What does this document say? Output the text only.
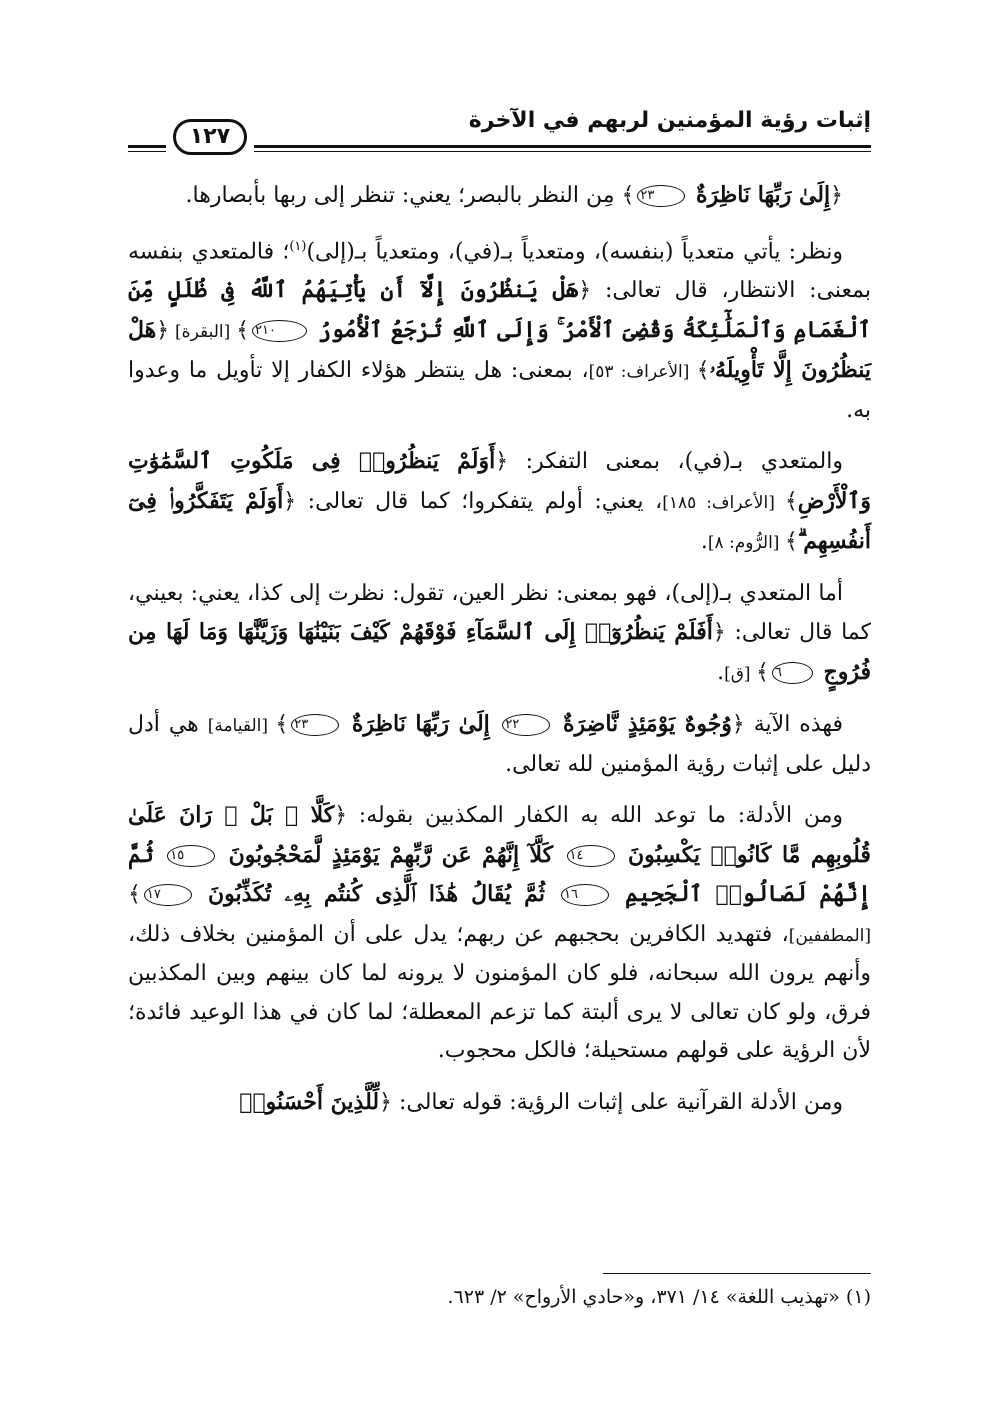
إثبات رؤية المؤمنين لربهم في الآخرة
١٢٧

﴿إِلَىٰ رَبِّهَا نَاظِرَةٌ ٢٣﴾ مِن النظر بالبصر؛ يعني: تنظر إلى ربها بأبصارها.

ونظر: يأتي متعدياً (بنفسه)، ومتعدياً بـ(في)، ومتعدياً بـ(إلى)$^{(١)}$؛ فالمتعدي بنفسه بمعنى: الانتظار، قال تعالى: ﴿هَلْ يَنظُرُونَ إِلَّآ أَن يَأْتِيَهُمُ ٱللَّهُ فِى ظُلَلٍ مِّنَ ٱلْغَمَامِ وَٱلْمَلَٰٓئِكَةُ وَقُضِىَ ٱلْأَمْرُ ۚ وَإِلَى ٱللَّهِ تُرْجَعُ ٱلْأُمُورُ ٢١٠﴾ [البقرة] ﴿هَلْ يَنظُرُونَ إِلَّا تَأْوِيلَهُۥ﴾ [الأعراف: ٥٣]، بمعنى: هل ينتظر هؤلاء الكفار إلا تأويل ما وعدوا به.

والمتعدي بـ(في)، بمعنى التفكر: ﴿أَوَلَمْ يَنظُرُوا۟ فِى مَلَكُوتِ ٱلسَّمَٰوَٰتِ وَٱلْأَرْضِ﴾ [الأعراف: ١٨٥]، يعني: أولم يتفكروا؛ كما قال تعالى: ﴿أَوَلَمْ يَتَفَكَّرُوا۟ فِىٓ أَنفُسِهِم ۗ﴾ [الرُّوم: ٨].

أما المتعدي بـ(إلى)، فهو بمعنى: نظر العين، تقول: نظرت إلى كذا، يعني: بعيني، كما قال تعالى: ﴿أَفَلَمْ يَنظُرُوٓا۟ إِلَى ٱلسَّمَآءِ فَوْقَهُمْ كَيْفَ بَنَيْنَٰهَا وَزَيَّنَّٰهَا وَمَا لَهَا مِن فُرُوجٍ ٦﴾ [ق].

فهذه الآية ﴿وُجُوهٌ يَوْمَئِذٍ نَّاضِرَةٌ ٢٢ إِلَىٰ رَبِّهَا نَاظِرَةٌ ٢٣﴾ [القيامة] هي أدل دليل على إثبات رؤية المؤمنين لله تعالى.

ومن الأدلة: ما توعد الله به الكفار المكذبين بقوله: ﴿كَلَّا ۖ بَلْ ۜ رَانَ عَلَىٰ قُلُوبِهِم مَّا كَانُوا۟ يَكْسِبُونَ ١٤ كَلَّآ إِنَّهُمْ عَن رَّبِّهِمْ يَوْمَئِذٍ لَّمَحْجُوبُونَ ١٥ ثُمَّ إِنَّهُمْ لَصَالُوا۟ ٱلْجَحِيمِ ١٦ ثُمَّ يُقَالُ هَٰذَا ٱلَّذِى كُنتُم بِهِۦ تُكَذِّبُونَ ١٧﴾ [المطففين]، فتهديد الكافرين بحجبهم عن ربهم؛ يدل على أن المؤمنين بخلاف ذلك، وأنهم يرون الله سبحانه، فلو كان المؤمنون لا يرونه لما كان بينهم وبين المكذبين فرق، ولو كان تعالى لا يرى ألبتة كما تزعم المعطلة؛ لما كان في هذا الوعيد فائدة؛ لأن الرؤية على قولهم مستحيلة؛ فالكل محجوب.

ومن الأدلة القرآنية على إثبات الرؤية: قوله تعالى: ﴿لِّلَّذِينَ أَحْسَنُوا۟

(١) «تهذيب اللغة» ١٤/ ٣٧١، و«حادي الأرواح» ٢/ ٦٢٣.
